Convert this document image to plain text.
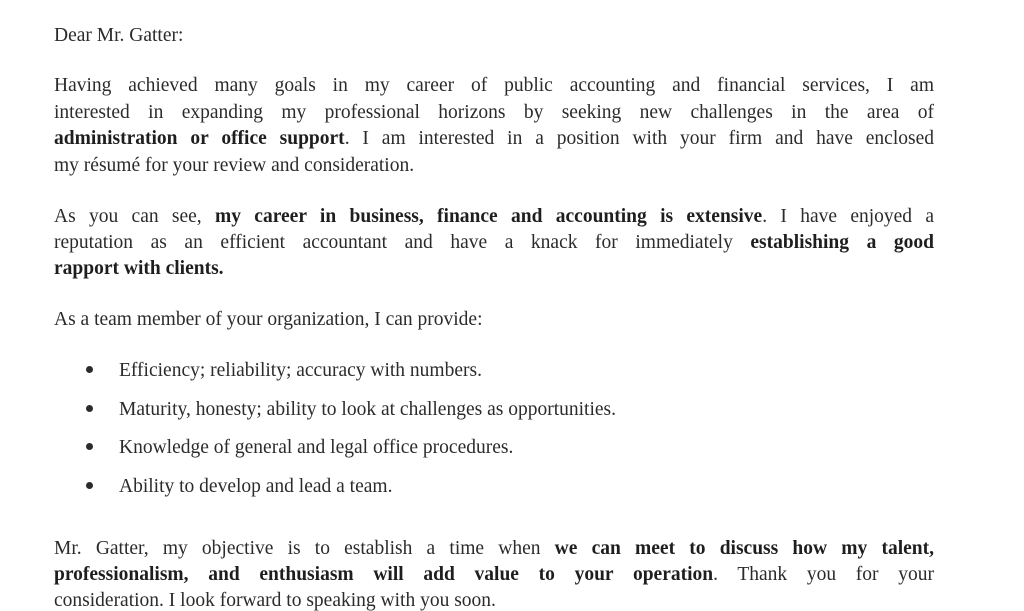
Dear Mr. Gatter:
Having achieved many goals in my career of public accounting and financial services, I am
interested in expanding my professional horizons by seeking new challenges in the area of
administration or office support. I am interested in a position with your firm and have enclosed
my résumé for your review and consideration.
As you can see, my career in business, finance and accounting is extensive. I have enjoyed a
reputation as an efficient accountant and have a knack for immediately establishing a good
rapport with clients.
As a team member of your organization, I can provide:
Efficiency; reliability; accuracy with numbers.
Maturity, honesty; ability to look at challenges as opportunities.
Knowledge of general and legal office procedures.
Ability to develop and lead a team.
Mr. Gatter, my objective is to establish a time when we can meet to discuss how my talent,
professionalism, and enthusiasm will add value to your operation. Thank you for your
consideration. I look forward to speaking with you soon.
